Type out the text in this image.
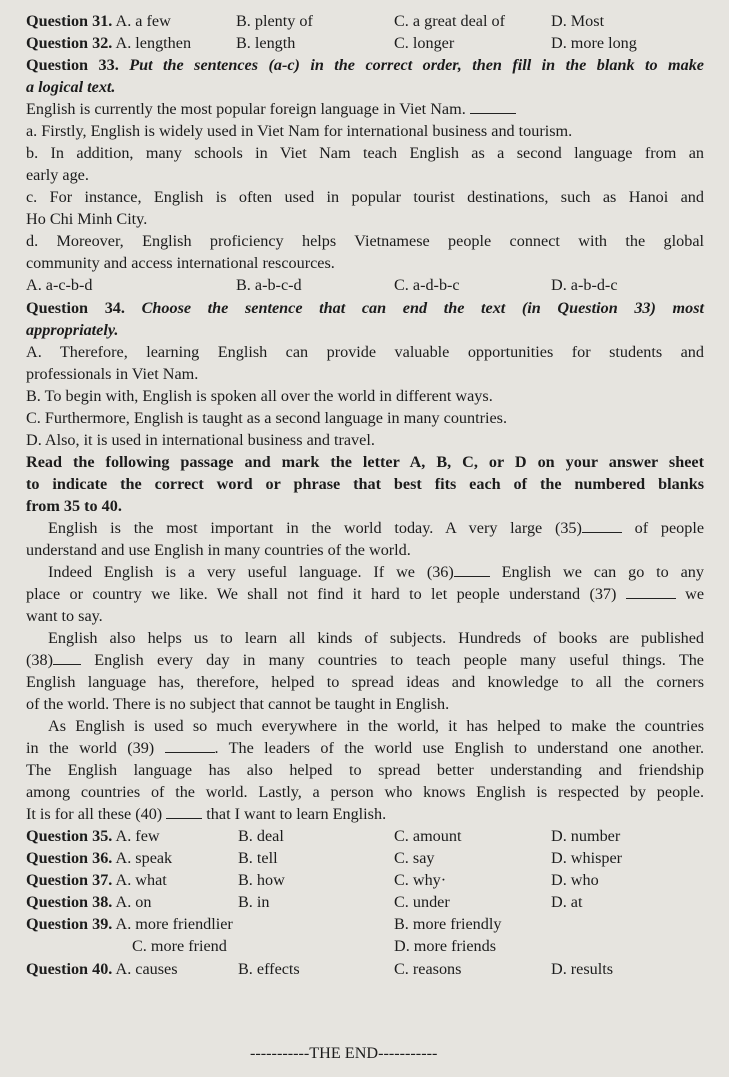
Question 31. A. a few	B. plenty of	C. a great deal of	D. Most
Question 32. A. lengthen	B. length	C. longer	D. more long
Question 33. Put the sentences (a-c) in the correct order, then fill in the blank to make
a logical text.
English is currently the most popular foreign language in Viet Nam.
a. Firstly, English is widely used in Viet Nam for international business and tourism.
b. In addition, many schools in Viet Nam teach English as a second language from an
early age.
c. For instance, English is often used in popular tourist destinations, such as Hanoi and
Ho Chi Minh City.
d. Moreover, English proficiency helps Vietnamese people connect with the global
community and access international rescources.
A. a-c-b-d	B. a-b-c-d	C. a-d-b-c	D. a-b-d-c
Question 34. Choose the sentence that can end the text (in Question 33) most
appropriately.
A. Therefore, learning English can provide valuable opportunities for students and
professionals in Viet Nam.
B. To begin with, English is spoken all over the world in different ways.
C. Furthermore, English is taught as a second language in many countries.
D. Also, it is used in international business and travel.
Read the following passage and mark the letter A, B, C, or D on your answer sheet
to indicate the correct word or phrase that best fits each of the numbered blanks
from 35 to 40.
English is the most important in the world today. A very large (35)	of people
understand and use English in many countries of the world.
Indeed English is a very useful language. If we (36)	English we can go to any
place or country we like. We shall not find it hard to let people understand (37)	we
want to say.
English also helps us to learn all kinds of subjects. Hundreds of books are published
(38)	English every day in many countries to teach people many useful things. The
English language has, therefore, helped to spread ideas and knowledge to all the corners
of the world. There is no subject that cannot be taught in English.
As English is used so much everywhere in the world, it has helped to make the countries
in the world (39)	. The leaders of the world use English to understand one another.
The English language has also helped to spread better understanding and friendship
among countries of the world. Lastly, a person who knows English is respected by people.
It is for all these (40)	that I want to learn English.
Question 35. A. few	B. deal	C. amount	D. number
Question 36. A. speak	B. tell	C. say	D. whisper
Question 37. A. what	B. how	C. why·	D. who
Question 38. A. on	B. in	C. under	D. at
Question 39. A. more friendlier	B. more friendly
C. more friend	D. more friends
Question 40. A. causes	B. effects	C. reasons	D. results
-----------THE END-----------
